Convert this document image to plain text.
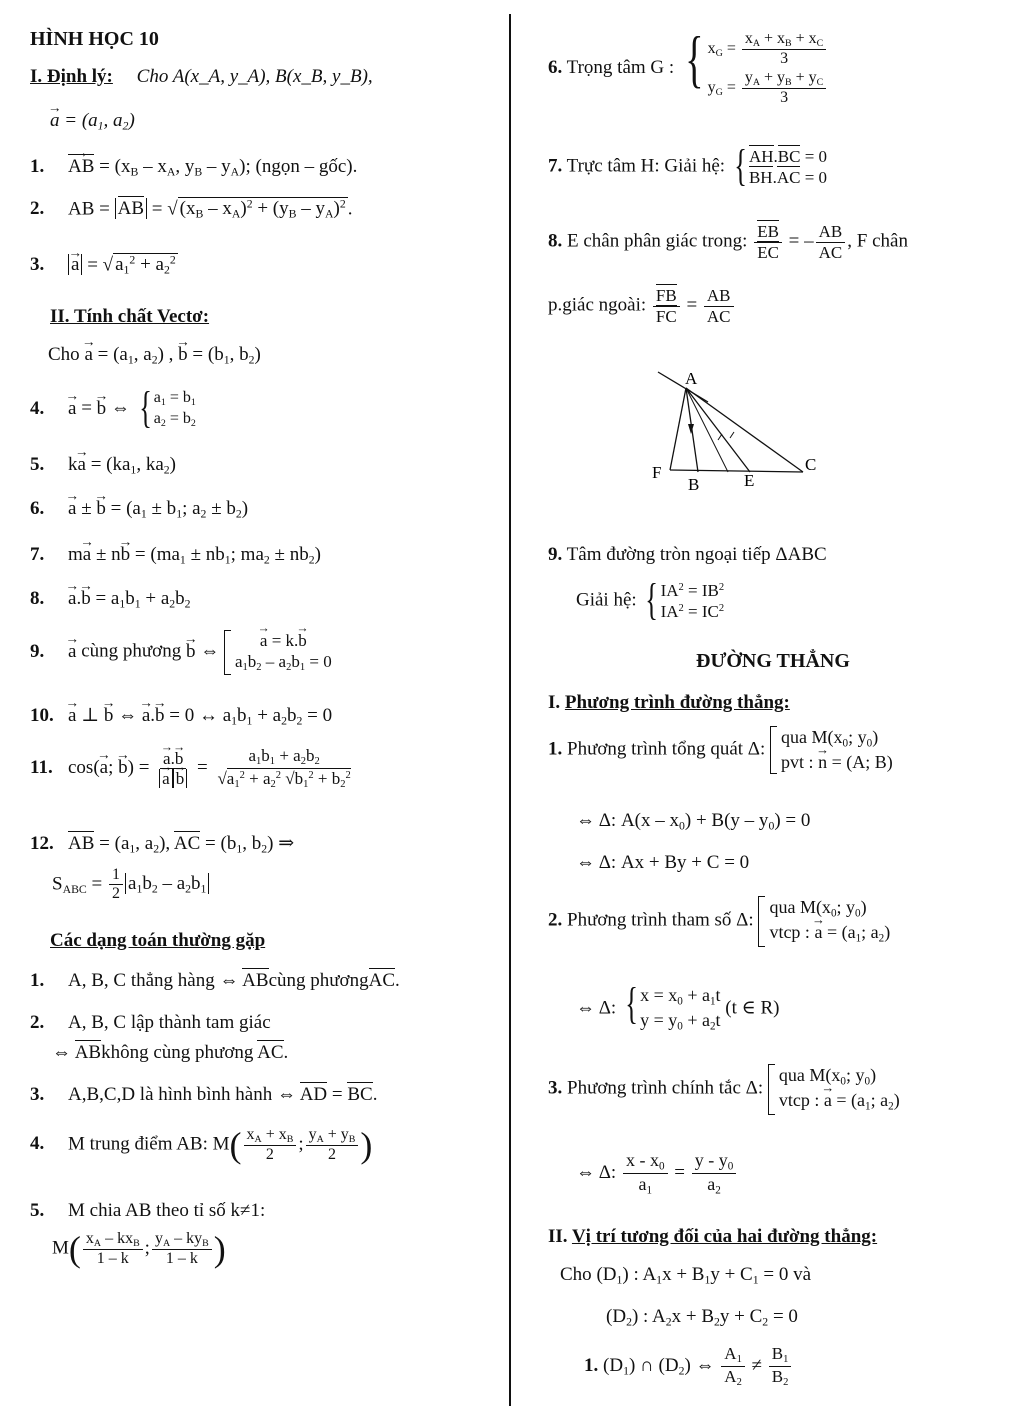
HÌNH HỌC 10
I. Định lý: Cho A(x_A, y_A), B(x_B, y_B),
→ $a = (a_1$, $a_2$)
1.→ AB = ($x_B - x_A$, $y_B - y_A$); (ngọn – gốc).
2. AB = AB = √ $(x_B - x_A)^2 + (y_B - y_A)^2$ .
3.→ a = √ $a_1^2 + a_2^2$
II. Tính chất Vectơ:
Cho → $a = (a_1$, $a_2$) , → $b = (b_1$, $b_2$)
4.→ a = → b ⇔ { $a_1 = b_1$
$a_2 = b_2$
5. $k\to a = (ka_1$, $ka_2$)
6.→ a ± → $b = (a_1 \pm b_1$; $a_2 \pm b_2$)
7. $m\to a \pm n\to b = (ma_1 \pm nb_1$; $ma_2 \pm nb_2$)
$8.\to a.\to b = a_1b_1 + a_2b_2$
9.→ a cùng phương → b ⇔
→ a = k.→ b
$a_1b_2 - a_2b_1 = 0$
10.→ a ⊥ → b ⇔ → a.→ b = 0 ↔ $a_1b_1 + a_2b_2 = 0$
11. cos(→ a; → b) =
→ a.→ b
→ $a\to b = \frac{a_1b_1 + a_2b_2}{√a_1^2 + a_2^2 √b_1^2 + b_2^2}$
12. AB = ($a_1$, $a_2$), AC = ($b_1$, $b_2$) ⇒
$S_{ABC} = \frac{1}{2} a_1b_2 - a_2b_1$
Các dạng toán thường gặp
1. A, B, C thẳng hàng ⇔ ABcùng phươngAC.
2. A, B, C lập thành tam giác
⇔ ABkhông cùng phương AC.
3. A,B,C,D là hình bình hành ⇔ AD = BC.
4. M trung điểm AB: $M( \frac{x_A + x_B}{2}$ ; $\frac{y_A + y_B}{2}$ )
5. M chia AB theo tỉ số k≠1:
$M( \frac{x_A - kx_B}{1 - k}$ ; $\frac{y_A - ky_B}{1 - k}$ )
6. Trọng tâm G : { $x_G = \frac{x_A + x_B + x_C}{3}$
$y_G = \frac{y_A + y_B + y_C}{3}$
7. Trực tâm H: Giải hệ: { AH.BC = 0
BH.AC = 0
8. E chân phân giác trong: $\frac{EB}{EC}$ = – $\frac{AB}{AC}$ , F chân
p.giác ngoài: $\frac{FB}{FC} = \frac{AB}{AC}$
A
F
B	E
C
9. Tâm đường tròn ngoại tiếp ΔABC
Giải hệ: { $IA^2 = IB^2$
$IA^2 = IC^2$
ĐƯỜNG THẲNG
I. Phương trình đường thẳng:
1. Phương trình tổng quát Δ:
qua $M(x_0$; $y_0$)
pvt : → n = (A; B)
⇔ Δ: $A(x - x_0) + B(y - y_0) = 0$
⇔ Δ: Ax + By + C = 0
2. Phương trình tham số Δ:
qua $M(x_0$; $y_0$)
vtcp : → $a = (a_1$; $a_2$)
⇔ Δ: { $x = x_0 + a_1t$
$y = y_0 + a_2t$
(t ∈ R)
3. Phương trình chính tắc Δ:
qua $M(x_0$; $y_0$)
vtcp : → $a = (a_1$; $a_2$)
⇔ Δ: $\frac{x - x_0}{a_1} = \frac{y - y_0}{a_2}$
II. Vị trí tương đối của hai đường thẳng:
Cho $(D_1)$ : $A_1x + B_1y + C_1 = 0$ và
$(D_2)$ : $A_2x + B_2y + C_2 = 0$
1. $(D_1)$ ∩ $(D_2)$ ⇔ $\frac{A_1}{A_2} \ne \frac{B_1}{B_2}$
